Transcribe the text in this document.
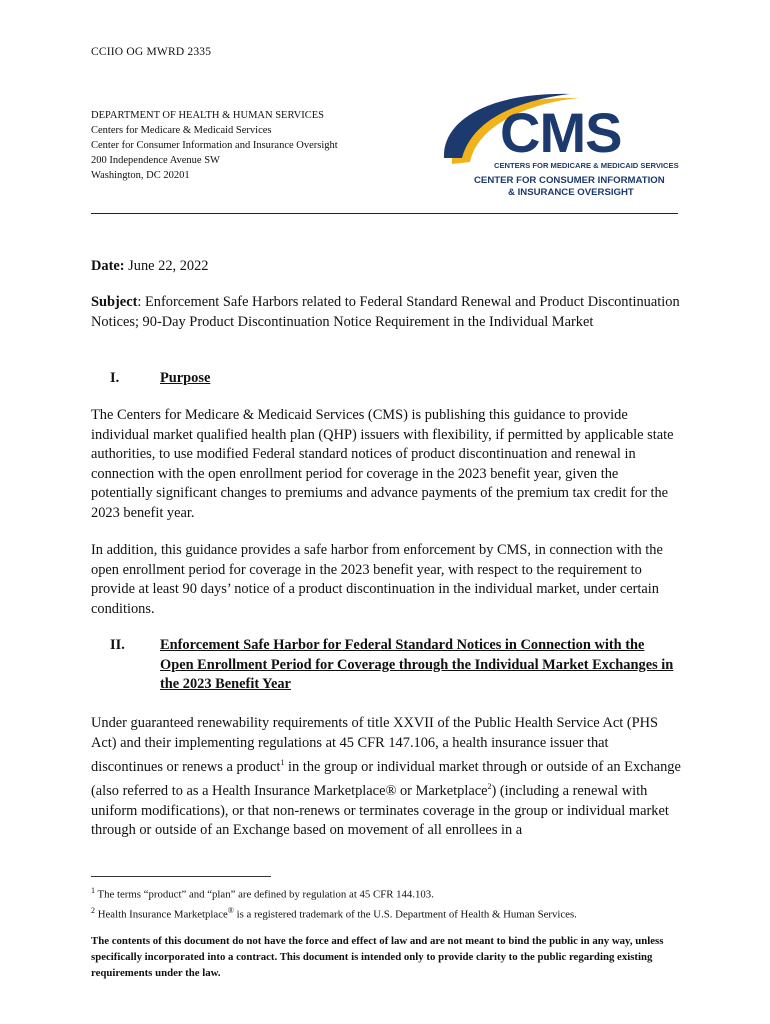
CCIIO OG MWRD 2335
DEPARTMENT OF HEALTH & HUMAN SERVICES
Centers for Medicare & Medicaid Services
Center for Consumer Information and Insurance Oversight
200 Independence Avenue SW
Washington, DC 20201
CMS
CENTERS FOR MEDICARE & MEDICAID SERVICES
CENTER FOR CONSUMER INFORMATION
& INSURANCE OVERSIGHT
Date: June 22, 2022
Subject: Enforcement Safe Harbors related to Federal Standard Renewal and Product Discontinuation Notices; 90-Day Product Discontinuation Notice Requirement in the Individual Market
I.	Purpose
The Centers for Medicare & Medicaid Services (CMS) is publishing this guidance to provide individual market qualified health plan (QHP) issuers with flexibility, if permitted by applicable state authorities, to use modified Federal standard notices of product discontinuation and renewal in connection with the open enrollment period for coverage in the 2023 benefit year, given the potentially significant changes to premiums and advance payments of the premium tax credit for the 2023 benefit year.
In addition, this guidance provides a safe harbor from enforcement by CMS, in connection with the open enrollment period for coverage in the 2023 benefit year, with respect to the requirement to provide at least 90 days’ notice of a product discontinuation in the individual market, under certain conditions.
II. Enforcement Safe Harbor for Federal Standard Notices in Connection with the Open Enrollment Period for Coverage through the Individual Market Exchanges in the 2023 Benefit Year
Under guaranteed renewability requirements of title XXVII of the Public Health Service Act (PHS Act) and their implementing regulations at 45 CFR 147.106, a health insurance issuer that discontinues or renews a product$^1$ in the group or individual market through or outside of an Exchange (also referred to as a Health Insurance Marketplace® or Marketplace$^2$) (including a renewal with uniform modifications), or that non-renews or terminates coverage in the group or individual market through or outside of an Exchange based on movement of all enrollees in a
$^1$ The terms “product” and “plan” are defined by regulation at 45 CFR 144.103.
$^2$ Health Insurance Marketplace® is a registered trademark of the U.S. Department of Health & Human Services.
The contents of this document do not have the force and effect of law and are not meant to bind the public in any way, unless specifically incorporated into a contract. This document is intended only to provide clarity to the public regarding existing requirements under the law.
